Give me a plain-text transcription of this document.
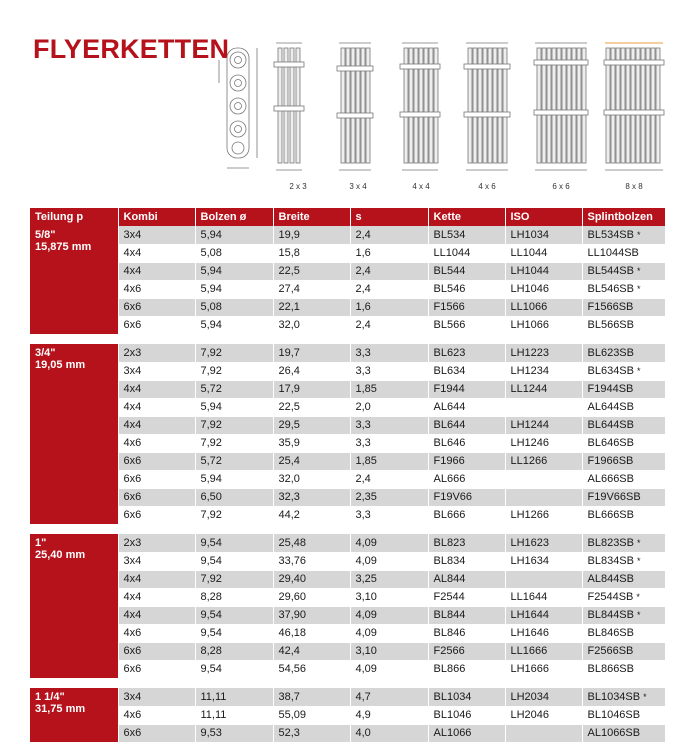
FLYERKETTEN
2 x 3	3 x 4	4 x 4	4 x 6	6 x 6	8 x 8
Teilung p	Kombi	Bolzen ø	Breite	s	Kette	ISO	Splintbolzen

5/8"
15,875 mm	3x4	5,94	19,9	2,4	BL534	LH1034	BL534SB *
	4x4	5,08	15,8	1,6	LL1044	LL1044	LL1044SB
	4x4	5,94	22,5	2,4	BL544	LH1044	BL544SB *
	4x6	5,94	27,4	2,4	BL546	LH1046	BL546SB *
	6x6	5,08	22,1	1,6	F1566	LL1066	F1566SB
	6x6	5,94	32,0	2,4	BL566	LH1066	BL566SB

3/4"
19,05 mm	2x3	7,92	19,7	3,3	BL623	LH1223	BL623SB
	3x4	7,92	26,4	3,3	BL634	LH1234	BL634SB *
	4x4	5,72	17,9	1,85	F1944	LL1244	F1944SB
	4x4	5,94	22,5	2,0	AL644		AL644SB
	4x4	7,92	29,5	3,3	BL644	LH1244	BL644SB
	4x6	7,92	35,9	3,3	BL646	LH1246	BL646SB
	6x6	5,72	25,4	1,85	F1966	LL1266	F1966SB
	6x6	5,94	32,0	2,4	AL666		AL666SB
	6x6	6,50	32,3	2,35	F19V66		F19V66SB
	6x6	7,92	44,2	3,3	BL666	LH1266	BL666SB

1"
25,40 mm	2x3	9,54	25,48	4,09	BL823	LH1623	BL823SB *
	3x4	9,54	33,76	4,09	BL834	LH1634	BL834SB *
	4x4	7,92	29,40	3,25	AL844		AL844SB
	4x4	8,28	29,60	3,10	F2544	LL1644	F2544SB *
	4x4	9,54	37,90	4,09	BL844	LH1644	BL844SB *
	4x6	9,54	46,18	4,09	BL846	LH1646	BL846SB
	6x6	8,28	42,4	3,10	F2566	LL1666	F2566SB
	6x6	9,54	54,56	4,09	BL866	LH1666	BL866SB

1 1/4"
31,75 mm	3x4	11,11	38,7	4,7	BL1034	LH2034	BL1034SB *
	4x6	11,11	55,09	4,9	BL1046	LH2046	BL1046SB
	6x6	9,53	52,3	4,0	AL1066		AL1066SB
